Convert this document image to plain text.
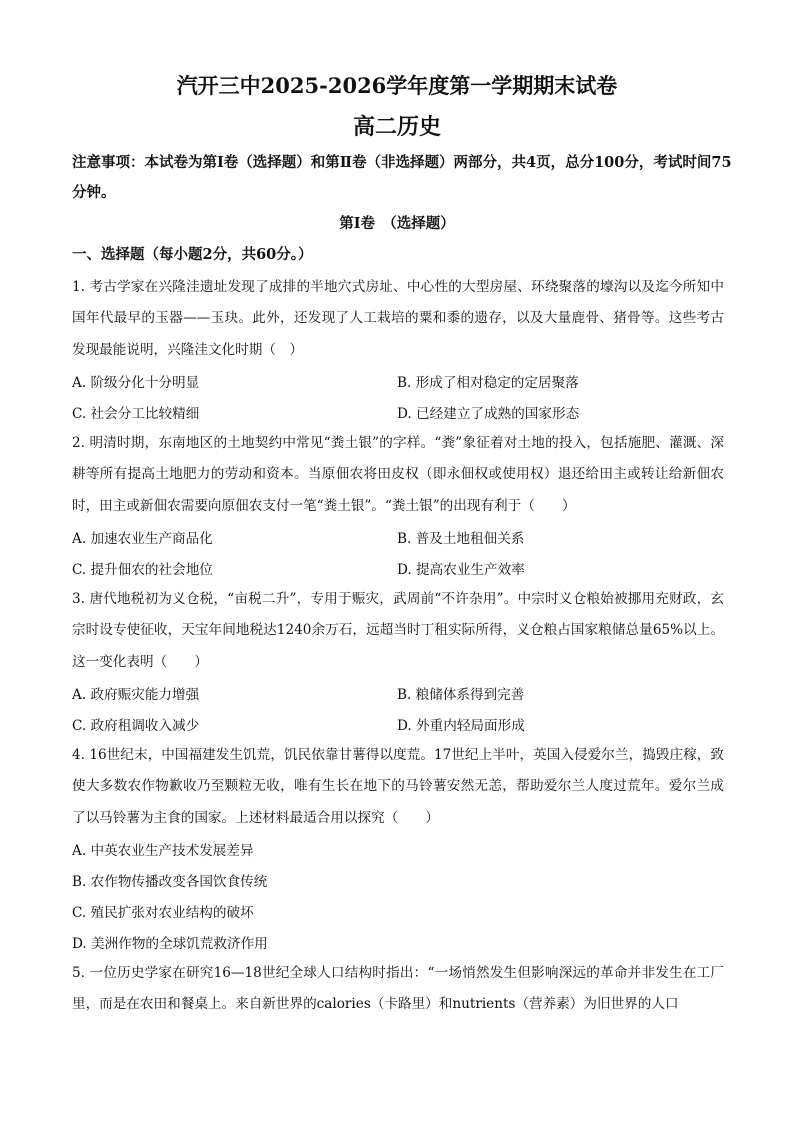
汽开三中2025-2026学年度第一学期期末试卷
高二历史
注意事项：本试卷为第Ⅰ卷（选择题）和第Ⅱ卷（非选择题）两部分，共4页，总分100分，考试时间75分钟。
第Ⅰ卷　（选择题）
一、选择题（每小题2分，共60分。）
1. 考古学家在兴隆洼遗址发现了成排的半地穴式房址、中心性的大型房屋、环绕聚落的壕沟以及迄今所知中国年代最早的玉器——玉玦。此外，还发现了人工栽培的粟和黍的遗存，以及大量鹿骨、猪骨等。这些考古发现最能说明，兴隆洼文化时期（　）
A. 阶级分化十分明显	B. 形成了相对稳定的定居聚落
C. 社会分工比较精细	D. 已经建立了成熟的国家形态
2. 明清时期，东南地区的土地契约中常见“粪土银”的字样。“粪”象征着对土地的投入，包括施肥、灌溉、深耕等所有提高土地肥力的劳动和资本。当原佃农将田皮权（即永佃权或使用权）退还给田主或转让给新佃农时，田主或新佃农需要向原佃农支付一笔“粪土银”。“粪土银”的出现有利于（　　）
A. 加速农业生产商品化	B. 普及土地租佃关系
C. 提升佃农的社会地位	D. 提高农业生产效率
3. 唐代地税初为义仓税，“亩税二升”，专用于赈灾，武周前“不许杂用”。中宗时义仓粮始被挪用充财政，玄宗时设专使征收，天宝年间地税达1240余万石，远超当时丁租实际所得，义仓粮占国家粮储总量65%以上。这一变化表明（　　）
A. 政府赈灾能力增强	B. 粮储体系得到完善
C. 政府租调收入减少	D. 外重内轻局面形成
4. 16世纪末，中国福建发生饥荒，饥民依靠甘薯得以度荒。17世纪上半叶，英国入侵爱尔兰，捣毁庄稼，致使大多数农作物歉收乃至颗粒无收，唯有生长在地下的马铃薯安然无恙，帮助爱尔兰人度过荒年。爱尔兰成了以马铃薯为主食的国家。上述材料最适合用以探究（　　）
A. 中英农业生产技术发展差异
B. 农作物传播改变各国饮食传统
C. 殖民扩张对农业结构的破坏
D. 美洲作物的全球饥荒救济作用
5. 一位历史学家在研究16—18世纪全球人口结构时指出：“一场悄然发生但影响深远的革命并非发生在工厂里，而是在农田和餐桌上。来自新世界的calories（卡路里）和nutrients（营养素）为旧世界的人口
